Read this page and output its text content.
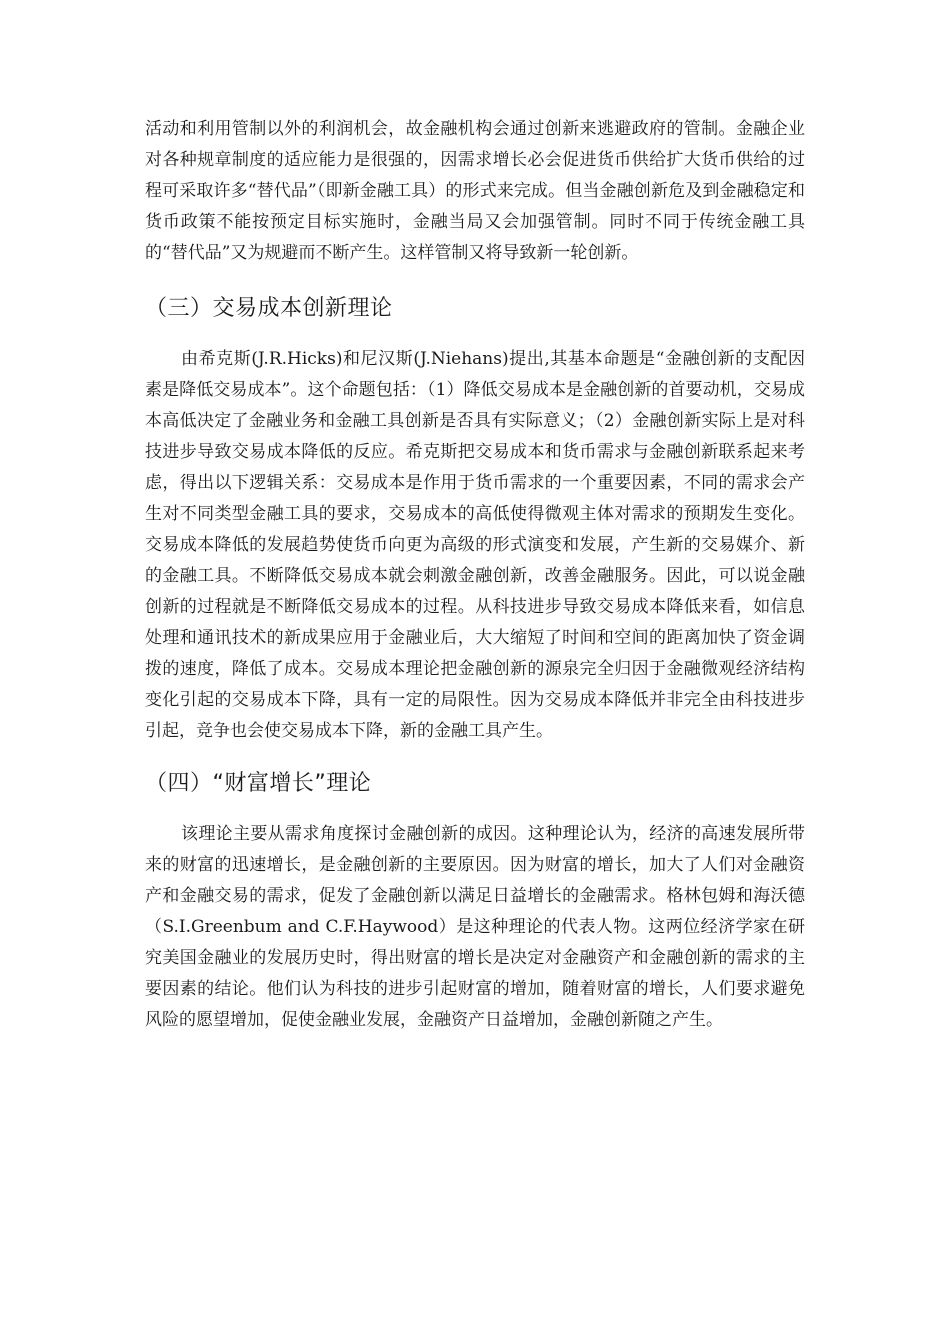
活动和利用管制以外的利润机会，故金融机构会通过创新来逃避政府的管制。金融企业对各种规章制度的适应能力是很强的，因需求增长必会促进货币供给扩大货币供给的过程可采取许多“替代品”（即新金融工具）的形式来完成。但当金融创新危及到金融稳定和货币政策不能按预定目标实施时，金融当局又会加强管制。同时不同于传统金融工具的“替代品”又为规避而不断产生。这样管制又将导致新一轮创新。

（三）交易成本创新理论

由希克斯(J.R.Hicks)和尼汉斯(J.Niehans)提出,其基本命题是“金融创新的支配因素是降低交易成本”。这个命题包括：（1）降低交易成本是金融创新的首要动机，交易成本高低决定了金融业务和金融工具创新是否具有实际意义；（2）金融创新实际上是对科技进步导致交易成本降低的反应。希克斯把交易成本和货币需求与金融创新联系起来考虑，得出以下逻辑关系：交易成本是作用于货币需求的一个重要因素，不同的需求会产生对不同类型金融工具的要求，交易成本的高低使得微观主体对需求的预期发生变化。交易成本降低的发展趋势使货币向更为高级的形式演变和发展，产生新的交易媒介、新的金融工具。不断降低交易成本就会刺激金融创新，改善金融服务。因此，可以说金融创新的过程就是不断降低交易成本的过程。从科技进步导致交易成本降低来看，如信息处理和通讯技术的新成果应用于金融业后，大大缩短了时间和空间的距离加快了资金调拨的速度，降低了成本。交易成本理论把金融创新的源泉完全归因于金融微观经济结构变化引起的交易成本下降，具有一定的局限性。因为交易成本降低并非完全由科技进步引起，竞争也会使交易成本下降，新的金融工具产生。

（四）“财富增长”理论

该理论主要从需求角度探讨金融创新的成因。这种理论认为，经济的高速发展所带来的财富的迅速增长，是金融创新的主要原因。因为财富的增长，加大了人们对金融资产和金融交易的需求，促发了金融创新以满足日益增长的金融需求。格林包姆和海沃德（S.I.Greenbum and C.F.Haywood）是这种理论的代表人物。这两位经济学家在研究美国金融业的发展历史时，得出财富的增长是决定对金融资产和金融创新的需求的主要因素的结论。他们认为科技的进步引起财富的增加，随着财富的增长，人们要求避免风险的愿望增加，促使金融业发展，金融资产日益增加，金融创新随之产生。
